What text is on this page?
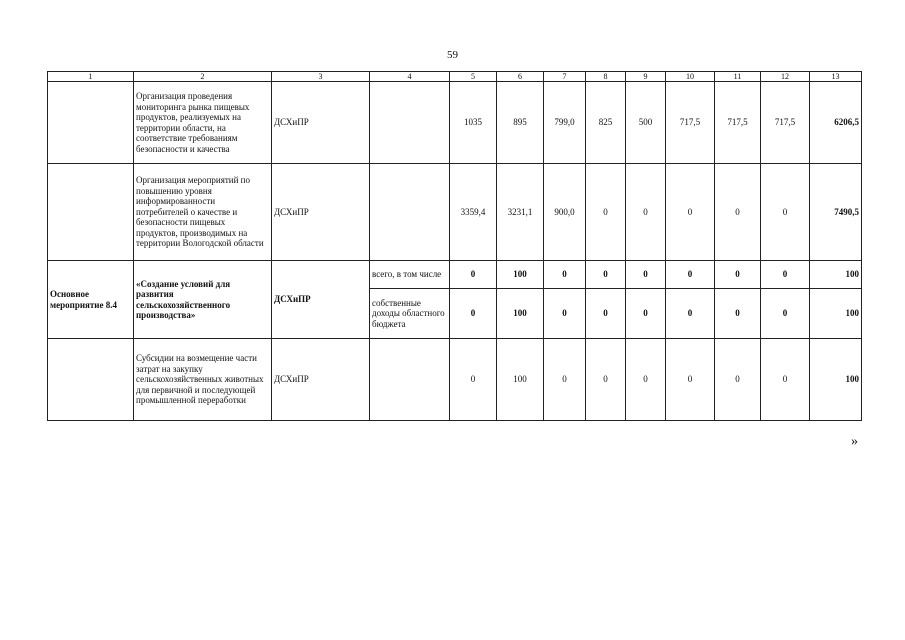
59
1	2	3	4	5	6	7	8	9	10	11	12	13
	Организация проведения мониторинга рынка пищевых продуктов, реализуемых на территории области, на соответствие требованиям безопасности и качества	ДСХиПР		1035	895	799,0	825	500	717,5	717,5	717,5	6206,5
	Организация мероприятий по повышению уровня информированности потребителей о качестве и безопасности пищевых продуктов, производимых на территории Вологодской области	ДСХиПР		3359,4	3231,1	900,0	0	0	0	0	0	7490,5
Основное мероприятие 8.4	«Создание условий для развития сельскохозяйственного производства»	ДСХиПР	всего, в том числе	0	100	0	0	0	0	0	0	100
			собственные доходы областного бюджета	0	100	0	0	0	0	0	0	100
	Субсидии на возмещение части затрат на закупку сельскохозяйственных животных для первичной и последующей промышленной переработки	ДСХиПР		0	100	0	0	0	0	0	0	100
»
